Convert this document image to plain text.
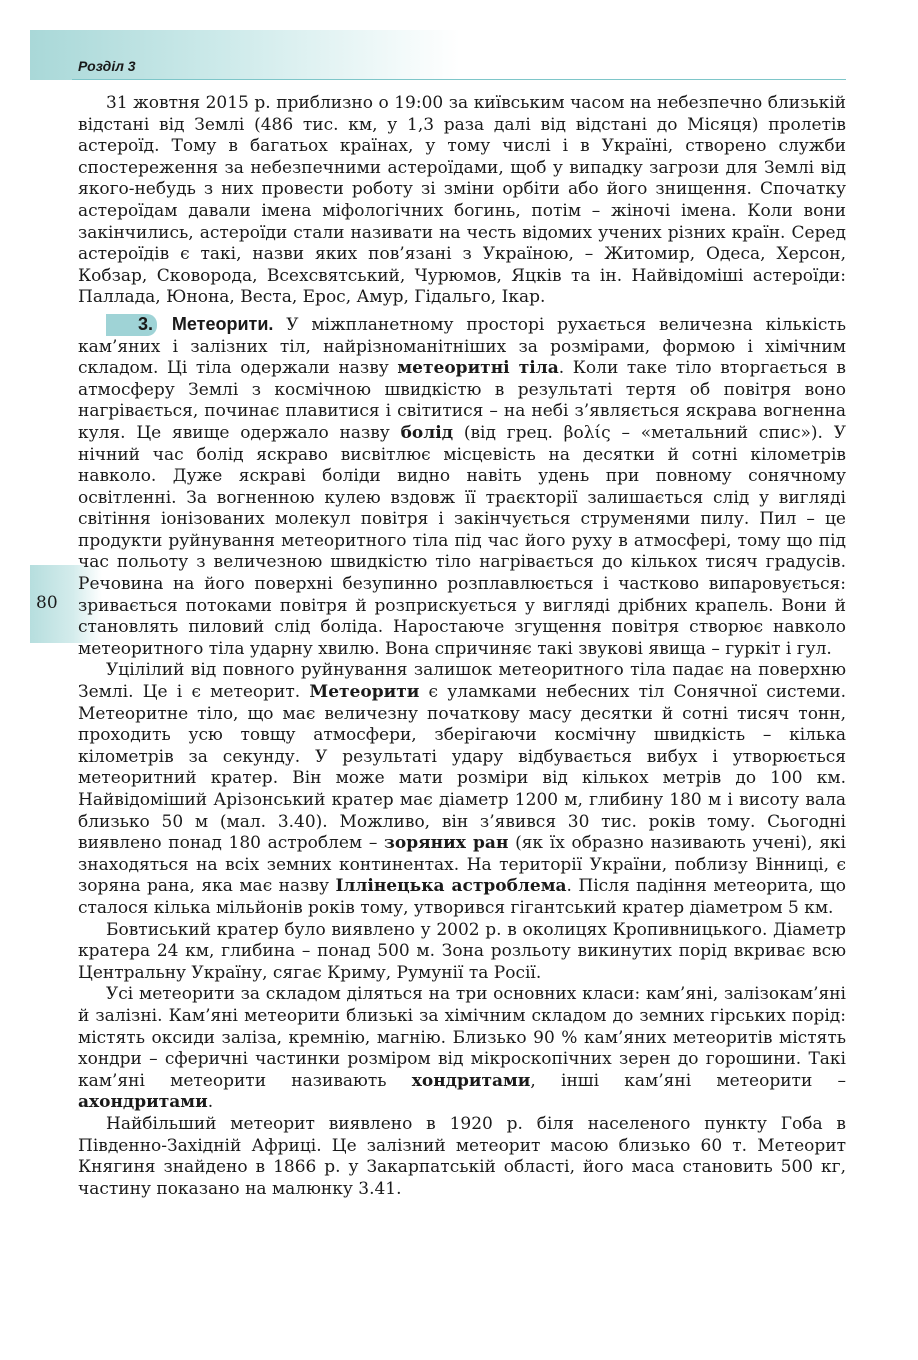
Розділ 3
80

31 жовтня 2015 р. приблизно о 19:00 за київським часом на небезпечно близькій відстані від Землі (486 тис. км, у 1,3 раза далі від відстані до Місяця) пролетів астероїд. Тому в багатьох країнах, у тому числі і в Україні, створено служби спостереження за небезпечними астероїдами, щоб у випадку загрози для Землі від якого-небудь з них провести роботу зі зміни орбіти або його знищення. Спочатку астероїдам давали імена міфологічних богинь, потім – жіночі імена. Коли вони закінчились, астероїди стали називати на честь відомих учених різних країн. Серед астероїдів є такі, назви яких пов’язані з Україною, – Житомир, Одеса, Херсон, Кобзар, Сковорода, Всехсвятський, Чурюмов, Яцків та ін. Найвідоміші астероїди: Паллада, Юнона, Веста, Ерос, Амур, Гідальго, Ікар.

3. Метеорити. У міжпланетному просторі рухається величезна кількість кам’яних і залізних тіл, найрізноманітніших за розмірами, формою і хімічним складом. Ці тіла одержали назву метеоритні тіла. Коли таке тіло вторгається в атмосферу Землі з космічною швидкістю в результаті тертя об повітря воно нагрівається, починає плавитися і світитися – на небі з’являється яскрава вогненна куля. Це явище одержало назву болід (від грец. βολίς – «метальний спис»). У нічний час болід яскраво висвітлює місцевість на десятки й сотні кілометрів навколо. Дуже яскраві боліди видно навіть удень при повному сонячному освітленні. За вогненною кулею вздовж її траєкторії залишається слід у вигляді світіння іонізованих молекул повітря і закінчується струменями пилу. Пил – це продукти руйнування метеоритного тіла під час його руху в атмосфері, тому що під час польоту з величезною швидкістю тіло нагрівається до кількох тисяч градусів. Речовина на його поверхні безупинно розплавлюється і частково випаровується: зривається потоками повітря й розприскується у вигляді дрібних крапель. Вони й становлять пиловий слід боліда. Наростаюче згущення повітря створює навколо метеоритного тіла ударну хвилю. Вона спричиняє такі звукові явища – гуркіт і гул.

Уцілілий від повного руйнування залишок метеоритного тіла падає на поверхню Землі. Це і є метеорит. Метеорити є уламками небесних тіл Сонячної системи. Метеоритне тіло, що має величезну початкову масу десятки й сотні тисяч тонн, проходить усю товщу атмосфери, зберігаючи космічну швидкість – кілька кілометрів за секунду. У результаті удару відбувається вибух і утворюється метеоритний кратер. Він може мати розміри від кількох метрів до 100 км. Найвідоміший Арізонський кратер має діаметр 1200 м, глибину 180 м і висоту вала близько 50 м (мал. 3.40). Можливо, він з’явився 30 тис. років тому. Сьогодні виявлено понад 180 астроблем – зоряних ран (як їх образно називають учені), які знаходяться на всіх земних континентах. На території України, поблизу Вінниці, є зоряна рана, яка має назву Іллінецька астроблема. Після падіння метеорита, що сталося кілька мільйонів років тому, утворився гігантський кратер діаметром 5 км.

Бовтиський кратер було виявлено у 2002 р. в околицях Кропивницького. Діаметр кратера 24 км, глибина – понад 500 м. Зона розльоту викинутих порід вкриває всю Центральну Україну, сягає Криму, Румунії та Росії.

Усі метеорити за складом діляться на три основних класи: кам’яні, залізокам’яні й залізні. Кам’яні метеорити близькі за хімічним складом до земних гірських порід: містять оксиди заліза, кремнію, магнію. Близько 90 % кам’яних метеоритів містять хондри – сферичні частинки розміром від мікроскопічних зерен до горошини. Такі кам’яні метеорити називають хондритами, інші кам’яні метеорити – ахондритами.

Найбільший метеорит виявлено в 1920 р. біля населеного пункту Гоба в Південно-Західній Африці. Це залізний метеорит масою близько 60 т. Метеорит Княгиня знайдено в 1866 р. у Закарпатській області, його маса становить 500 кг, частину показано на малюнку 3.41.
